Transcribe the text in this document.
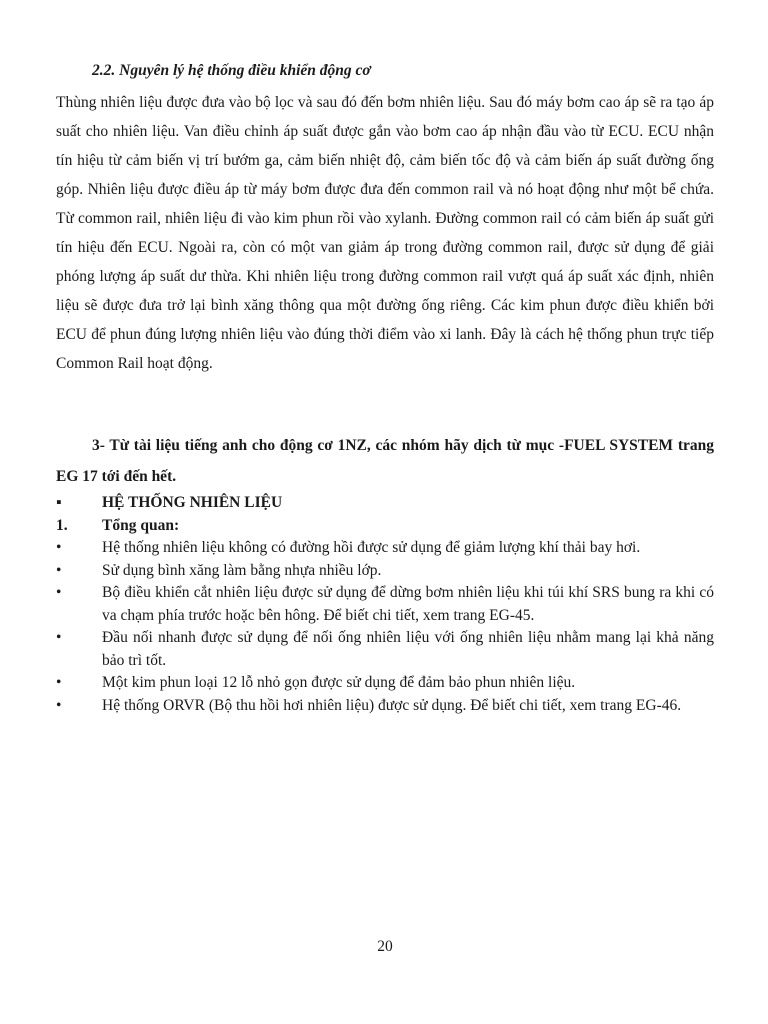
2.2. Nguyên lý hệ thống điều khiển động cơ

Thùng nhiên liệu được đưa vào bộ lọc và sau đó đến bơm nhiên liệu. Sau đó máy bơm cao áp sẽ ra tạo áp suất cho nhiên liệu. Van điều chỉnh áp suất được gắn vào bơm cao áp nhận đầu vào từ ECU. ECU nhận tín hiệu từ cảm biến vị trí bướm ga, cảm biến nhiệt độ, cảm biến tốc độ và cảm biến áp suất đường ống góp. Nhiên liệu được điều áp từ máy bơm được đưa đến common rail và nó hoạt động như một bể chứa. Từ common rail, nhiên liệu đi vào kim phun rồi vào xylanh. Đường common rail có cảm biến áp suất gửi tín hiệu đến ECU. Ngoài ra, còn có một van giảm áp trong đường common rail, được sử dụng để giải phóng lượng áp suất dư thừa. Khi nhiên liệu trong đường common rail vượt quá áp suất xác định, nhiên liệu sẽ được đưa trở lại bình xăng thông qua một đường ống riêng. Các kim phun được điều khiển bởi ECU để phun đúng lượng nhiên liệu vào đúng thời điểm vào xi lanh. Đây là cách hệ thống phun trực tiếp Common Rail hoạt động.

3- Từ tài liệu tiếng anh cho động cơ 1NZ, các nhóm hãy dịch từ mục -FUEL SYSTEM trang EG 17 tới đến hết.

▪	HỆ THỐNG NHIÊN LIỆU
1. Tổng quan:
•	Hệ thống nhiên liệu không có đường hồi được sử dụng để giảm lượng khí thải bay hơi.
•	Sử dụng bình xăng làm bằng nhựa nhiều lớp.
•	Bộ điều khiển cắt nhiên liệu được sử dụng để dừng bơm nhiên liệu khi túi khí SRS bung ra khi có va chạm phía trước hoặc bên hông. Để biết chi tiết, xem trang EG-45.
•	Đầu nối nhanh được sử dụng để nối ống nhiên liệu với ống nhiên liệu nhằm mang lại khả năng bảo trì tốt.
•	Một kim phun loại 12 lỗ nhỏ gọn được sử dụng để đảm bảo phun nhiên liệu.
•	Hệ thống ORVR (Bộ thu hồi hơi nhiên liệu) được sử dụng. Để biết chi tiết, xem trang EG-46.
20
